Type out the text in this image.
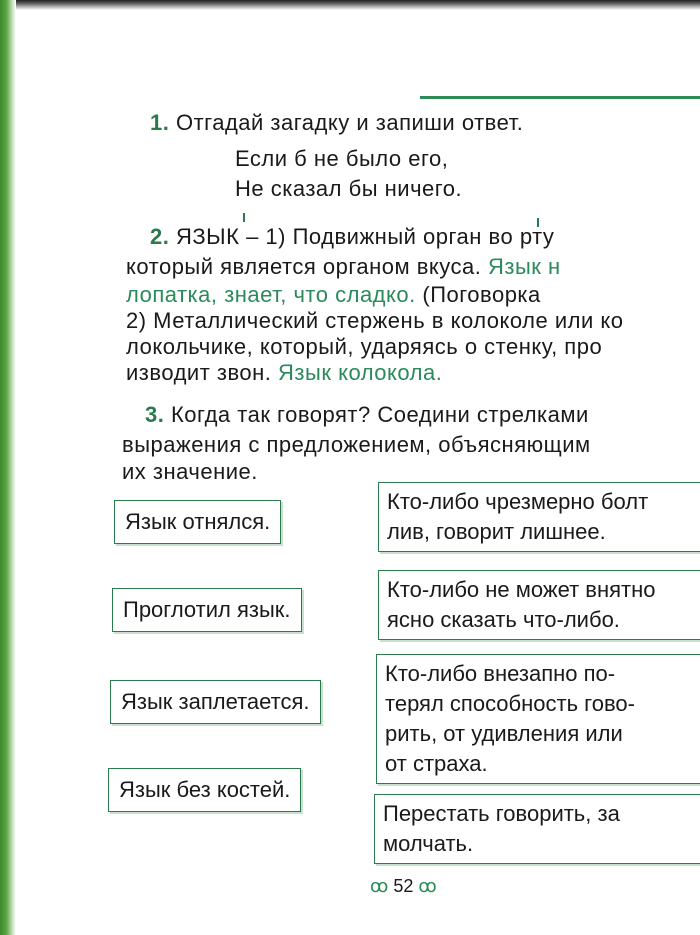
1. Отгадай загадку и запиши ответ.
Если б не было его,
Не сказал бы ничего.
2. ЯЗЫК – 1) Подвижный орган во рту
который является органом вкуса. Язык н
лопатка, знает, что сладко. (Поговорка
2) Металлический стержень в колоколе или ко
локольчике, который, ударяясь о стенку, про
изводит звон. Язык колокола.
3. Когда так говорят? Соедини стрелками
выражения с предложением, объясняющим
их значение.
Язык отнялся.
Проглотил язык.
Язык заплетается.
Язык без костей.
Кто-либо чрезмерно болт
лив, говорит лишнее.
Кто-либо не может внятно
ясно сказать что-либо.
Кто-либо внезапно по-
терял способность гово-
рить, от удивления или
от страха.
Перестать говорить, за
молчать.
ꝏ 52 ꝏ
